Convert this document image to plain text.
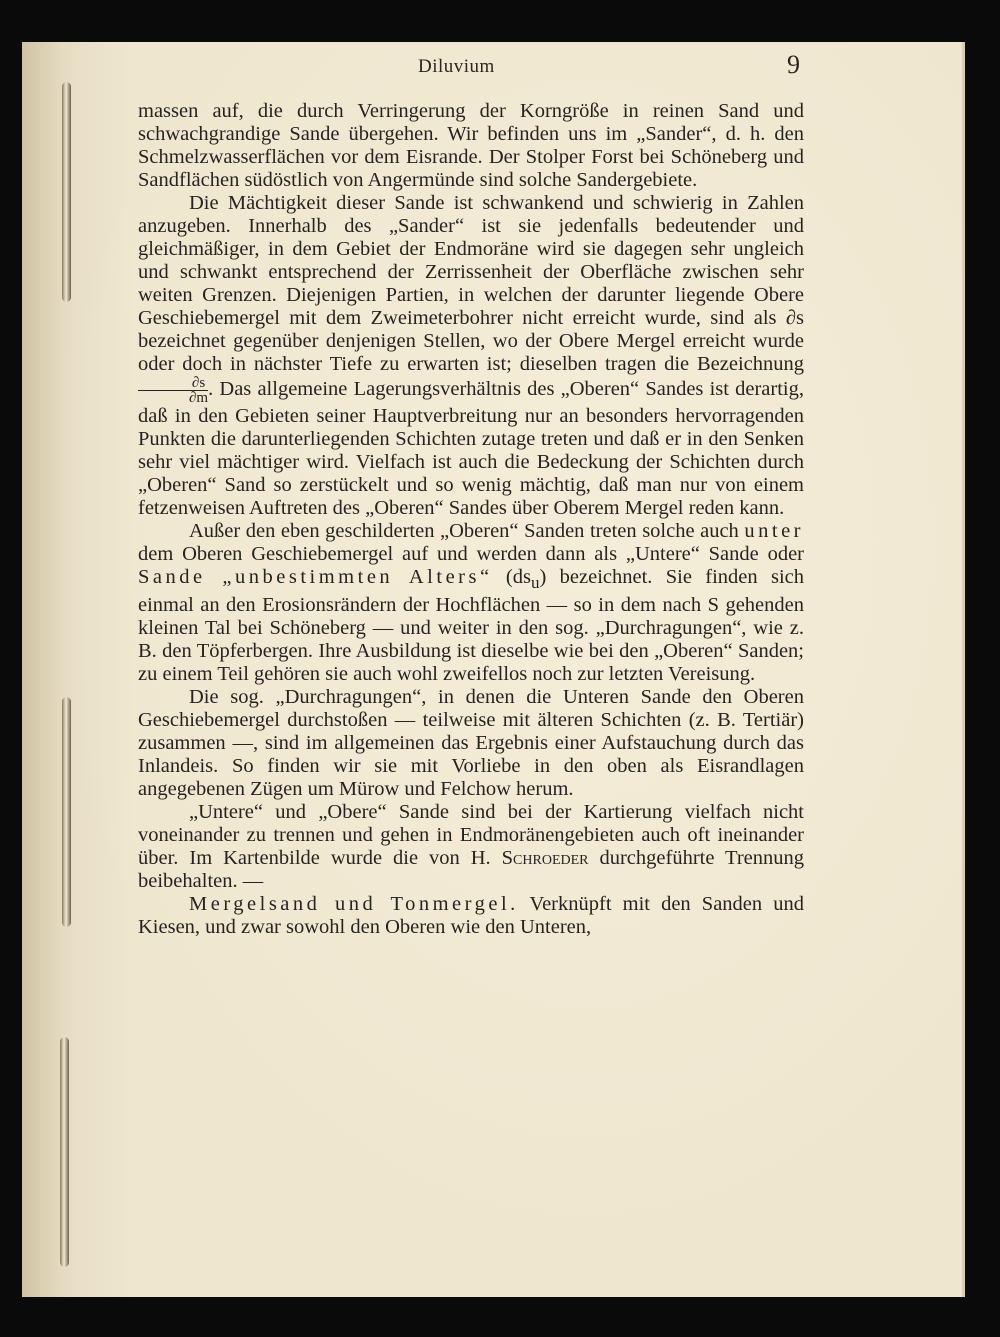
Diluvium	9

massen auf, die durch Verringerung der Korngröße in reinen Sand und schwachgrandige Sande übergehen. Wir befinden uns im „Sander“, d. h. den Schmelzwasserflächen vor dem Eisrande. Der Stolper Forst bei Schöneberg und Sandflächen südöstlich von Angermünde sind solche Sandergebiete.

Die Mächtigkeit dieser Sande ist schwankend und schwierig in Zahlen anzugeben. Innerhalb des „Sander“ ist sie jedenfalls bedeutender und gleichmäßiger, in dem Gebiet der Endmoräne wird sie dagegen sehr ungleich und schwankt entsprechend der Zerrissenheit der Oberfläche zwischen sehr weiten Grenzen. Diejenigen Partien, in welchen der darunter liegende Obere Geschiebemergel mit dem Zweimeterbohrer nicht erreicht wurde, sind als ∂s bezeichnet gegenüber denjenigen Stellen, wo der Obere Mergel erreicht wurde oder doch in nächster Tiefe zu erwarten ist; dieselben tragen die Bezeichnung
$\frac{\partial s}{\partial m}$ . Das allgemeine Lagerungsverhältnis des „Oberen“ Sandes ist derartig, daß in den Gebieten seiner Hauptverbreitung nur an besonders hervorragenden Punkten die darunterliegenden Schichten zutage treten und daß er in den Senken sehr viel mächtiger wird. Vielfach ist auch die Bedeckung der Schichten durch „Oberen“ Sand so zerstückelt und so wenig mächtig, daß man nur von einem fetzenweisen Auftreten des „Oberen“ Sandes über Oberem Mergel reden kann.

Außer den eben geschilderten „Oberen“ Sanden treten solche auch unter dem Oberen Geschiebemergel auf und werden dann als „Untere“ Sande oder Sande „unbestimmten Alters“ $(ds_u)$ bezeichnet. Sie finden sich einmal an den Erosionsrändern der Hochflächen — so in dem nach S gehenden kleinen Tal bei Schöneberg — und weiter in den sog. „Durchragungen“, wie z. B. den Töpferbergen. Ihre Ausbildung ist dieselbe wie bei den „Oberen“ Sanden; zu einem Teil gehören sie auch wohl zweifellos noch zur letzten Vereisung.

Die sog. „Durchragungen“, in denen die Unteren Sande den Oberen Geschiebemergel durchstoßen — teilweise mit älteren Schichten (z. B. Tertiär) zusammen —, sind im allgemeinen das Ergebnis einer Aufstauchung durch das Inlandeis. So finden wir sie mit Vorliebe in den oben als Eisrandlagen angegebenen Zügen um Mürow und Felchow herum.

„Untere“ und „Obere“ Sande sind bei der Kartierung vielfach nicht voneinander zu trennen und gehen in Endmoränengebieten auch oft ineinander über. Im Kartenbilde wurde die von H. Schroeder durchgeführte Trennung beibehalten. —

Mergelsand und Tonmergel. Verknüpft mit den Sanden und Kiesen, und zwar sowohl den Oberen wie den Unteren,
